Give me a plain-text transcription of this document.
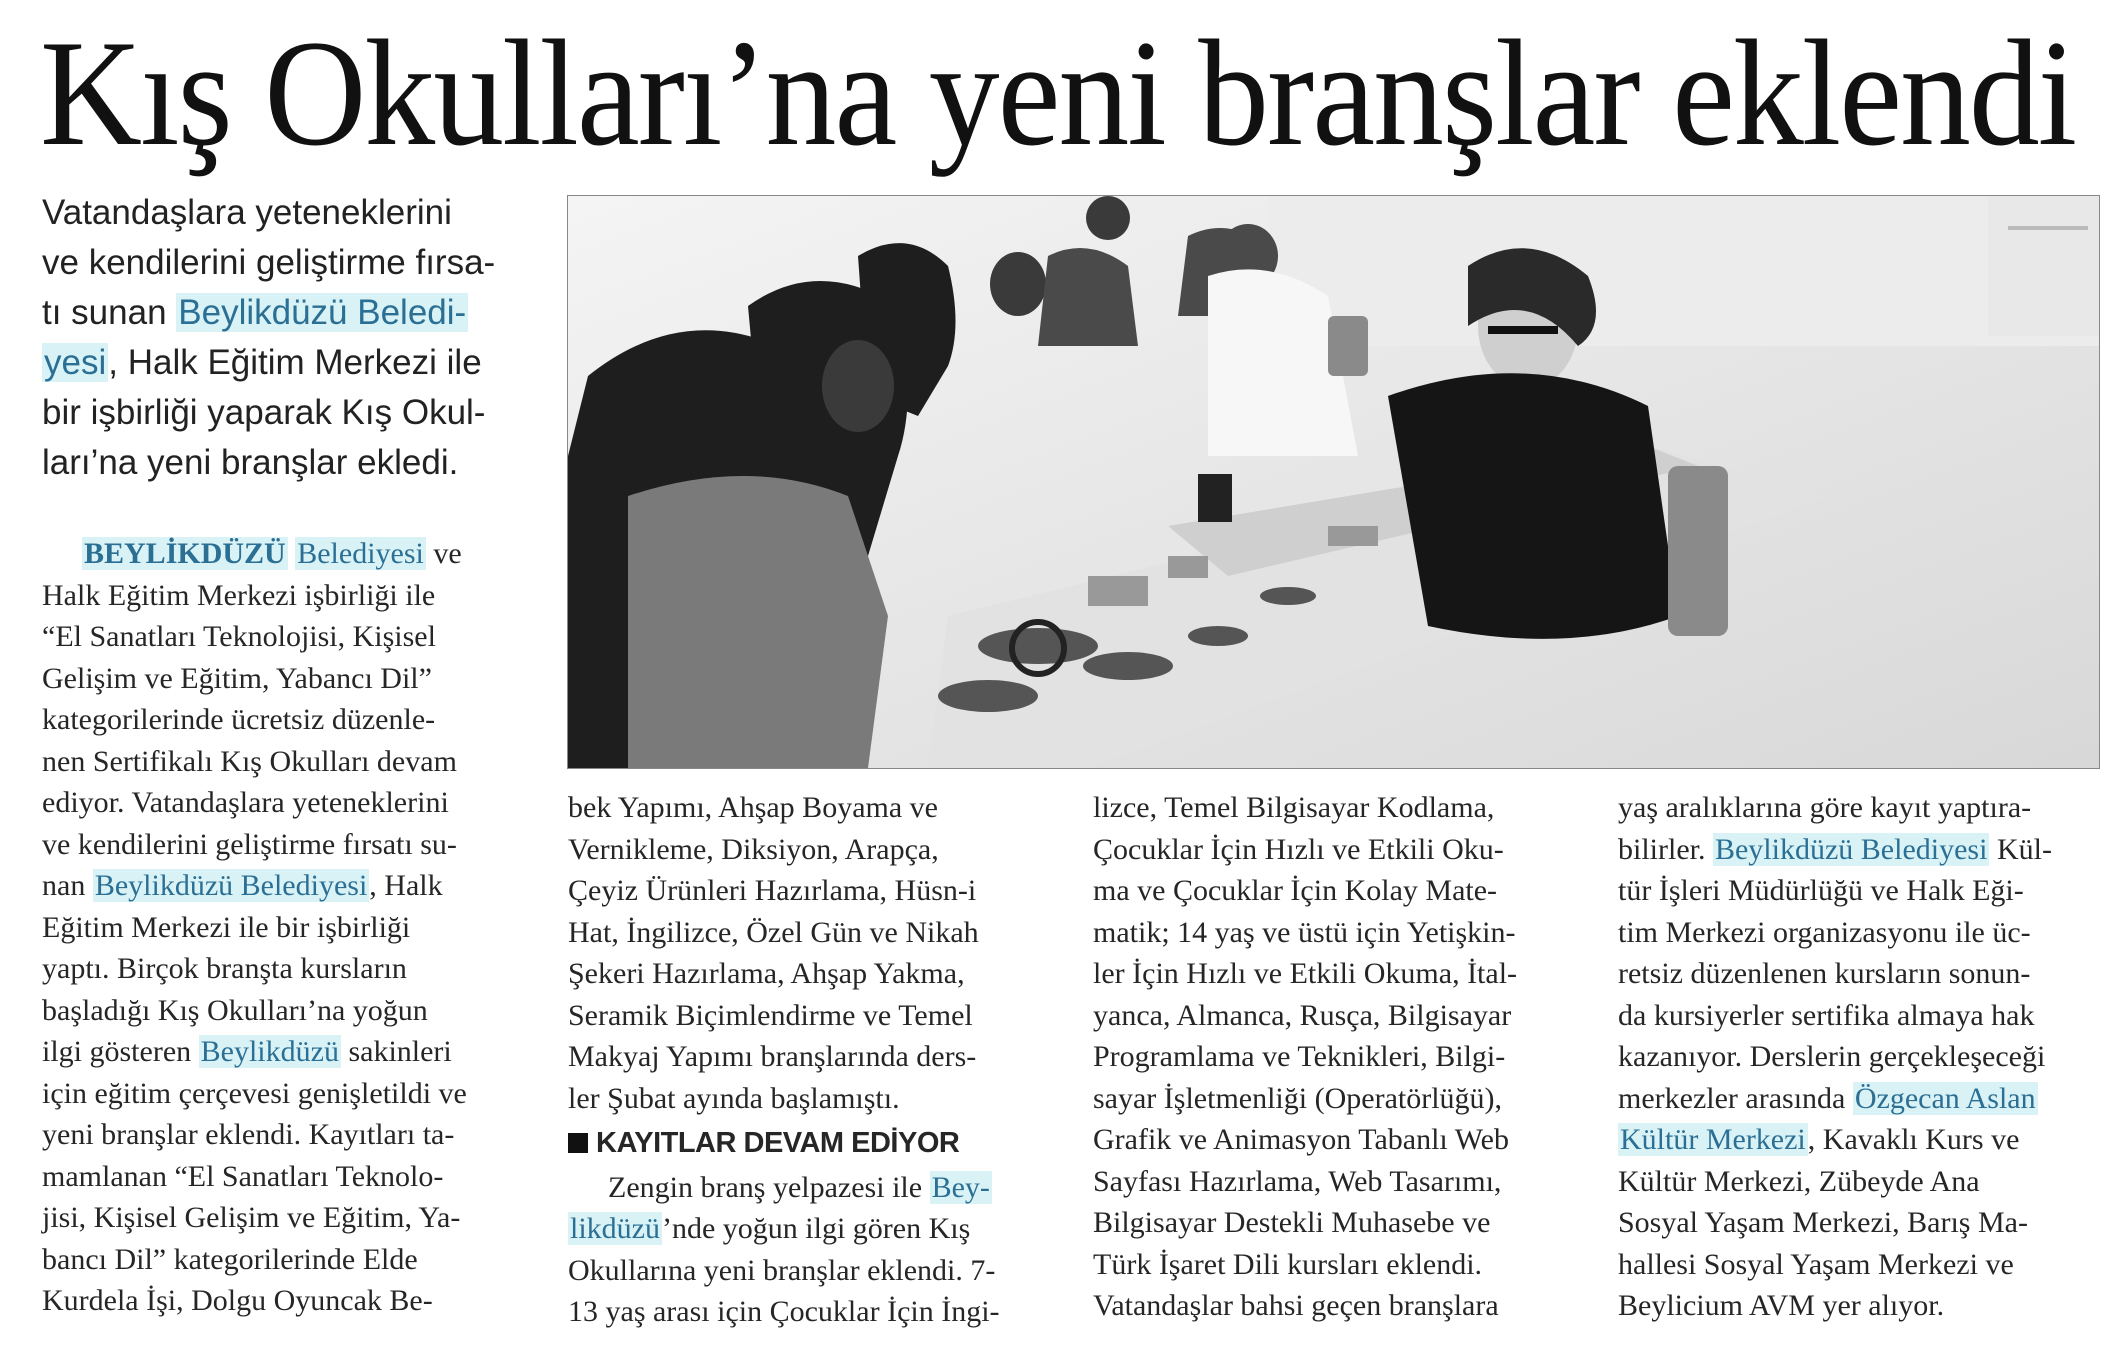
Kış Okulları’na yeni branşlar eklendi
Vatandaşlara yeteneklerini
ve kendilerini geliştirme fırsa-
tı sunan Beylikdüzü Beledi-
yesi, Halk Eğitim Merkezi ile
bir işbirliği yaparak Kış Okul-
ları’na yeni branşlar ekledi.
BEYLİKDÜZÜ Belediyesi ve
Halk Eğitim Merkezi işbirliği ile
“El Sanatları Teknolojisi, Kişisel
Gelişim ve Eğitim, Yabancı Dil”
kategorilerinde ücretsiz düzenle-
nen Sertifikalı Kış Okulları devam
ediyor. Vatandaşlara yeteneklerini
ve kendilerini geliştirme fırsatı su-
nan Beylikdüzü Belediyesi, Halk
Eğitim Merkezi ile bir işbirliği
yaptı. Birçok branşta kursların
başladığı Kış Okulları’na yoğun
ilgi gösteren Beylikdüzü sakinleri
için eğitim çerçevesi genişletildi ve
yeni branşlar eklendi. Kayıtları ta-
mamlanan “El Sanatları Teknolo-
jisi, Kişisel Gelişim ve Eğitim, Ya-
bancı Dil” kategorilerinde Elde
Kurdela İşi, Dolgu Oyuncak Be-
bek Yapımı, Ahşap Boyama ve
Vernikleme, Diksiyon, Arapça,
Çeyiz Ürünleri Hazırlama, Hüsn-i
Hat, İngilizce, Özel Gün ve Nikah
Şekeri Hazırlama, Ahşap Yakma,
Seramik Biçimlendirme ve Temel
Makyaj Yapımı branşlarında ders-
ler Şubat ayında başlamıştı.
KAYITLAR DEVAM EDİYOR
Zengin branş yelpazesi ile Bey-
likdüzü’nde yoğun ilgi gören Kış
Okullarına yeni branşlar eklendi. 7-
13 yaş arası için Çocuklar İçin İngi-
lizce, Temel Bilgisayar Kodlama,
Çocuklar İçin Hızlı ve Etkili Oku-
ma ve Çocuklar İçin Kolay Mate-
matik; 14 yaş ve üstü için Yetişkin-
ler İçin Hızlı ve Etkili Okuma, İtal-
yanca, Almanca, Rusça, Bilgisayar
Programlama ve Teknikleri, Bilgi-
sayar İşletmenliği (Operatörlüğü),
Grafik ve Animasyon Tabanlı Web
Sayfası Hazırlama, Web Tasarımı,
Bilgisayar Destekli Muhasebe ve
Türk İşaret Dili kursları eklendi.
Vatandaşlar bahsi geçen branşlara
yaş aralıklarına göre kayıt yaptıra-
bilirler. Beylikdüzü Belediyesi Kül-
tür İşleri Müdürlüğü ve Halk Eği-
tim Merkezi organizasyonu ile üc-
retsiz düzenlenen kursların sonun-
da kursiyerler sertifika almaya hak
kazanıyor. Derslerin gerçekleşeceği
merkezler arasında Özgecan Aslan
Kültür Merkezi, Kavaklı Kurs ve
Kültür Merkezi, Zübeyde Ana
Sosyal Yaşam Merkezi, Barış Ma-
hallesi Sosyal Yaşam Merkezi ve
Beylicium AVM yer alıyor.
